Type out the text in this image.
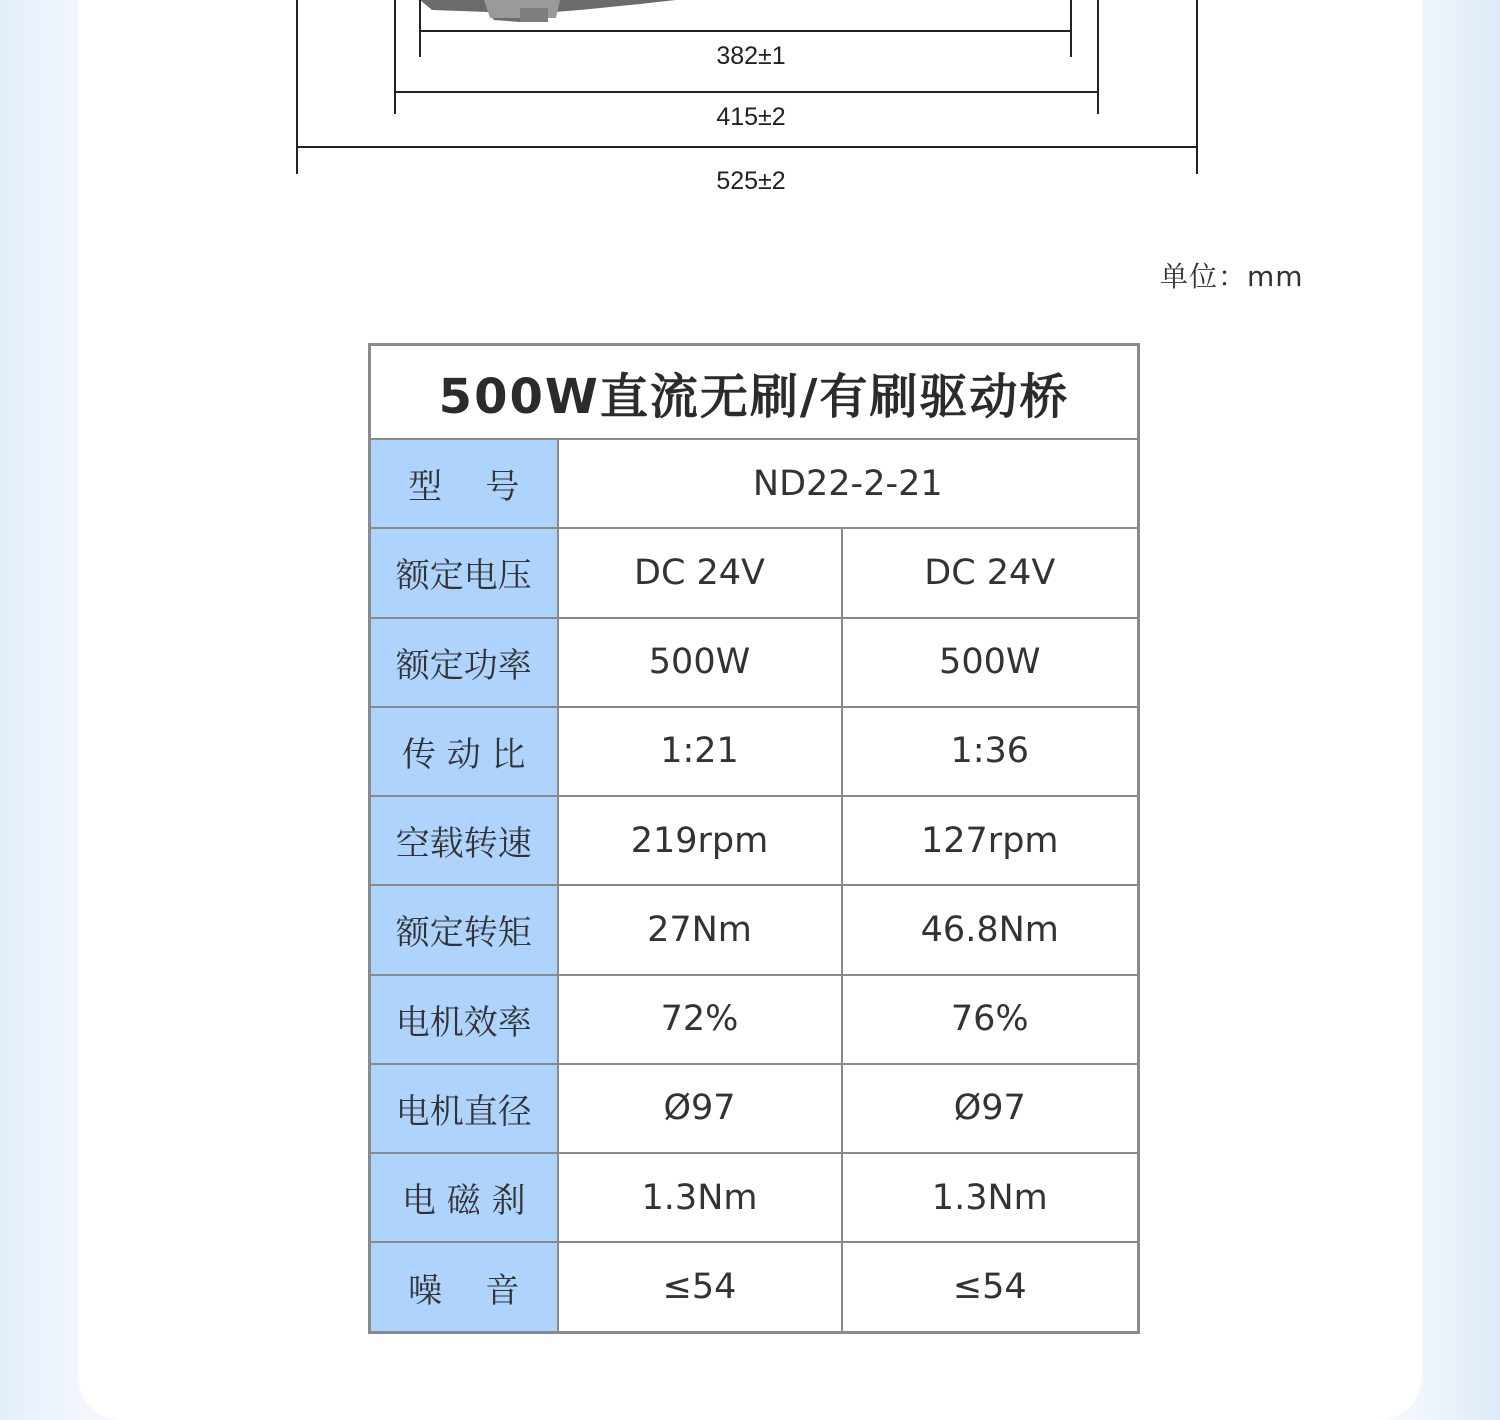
382±1
415±2
525±2
单位：mm
500W直流无刷/有刷驱动桥		
型    号	ND22-2-21	
额定电压	DC 24V	DC 24V
额定功率	500W	500W
传 动 比	1:21	1:36
空载转速	219rpm	127rpm
额定转矩	27Nm	46.8Nm
电机效率	72%	76%
电机直径	Ø97	Ø97
电 磁 刹	1.3Nm	1.3Nm
噪    音	≤54	≤54
